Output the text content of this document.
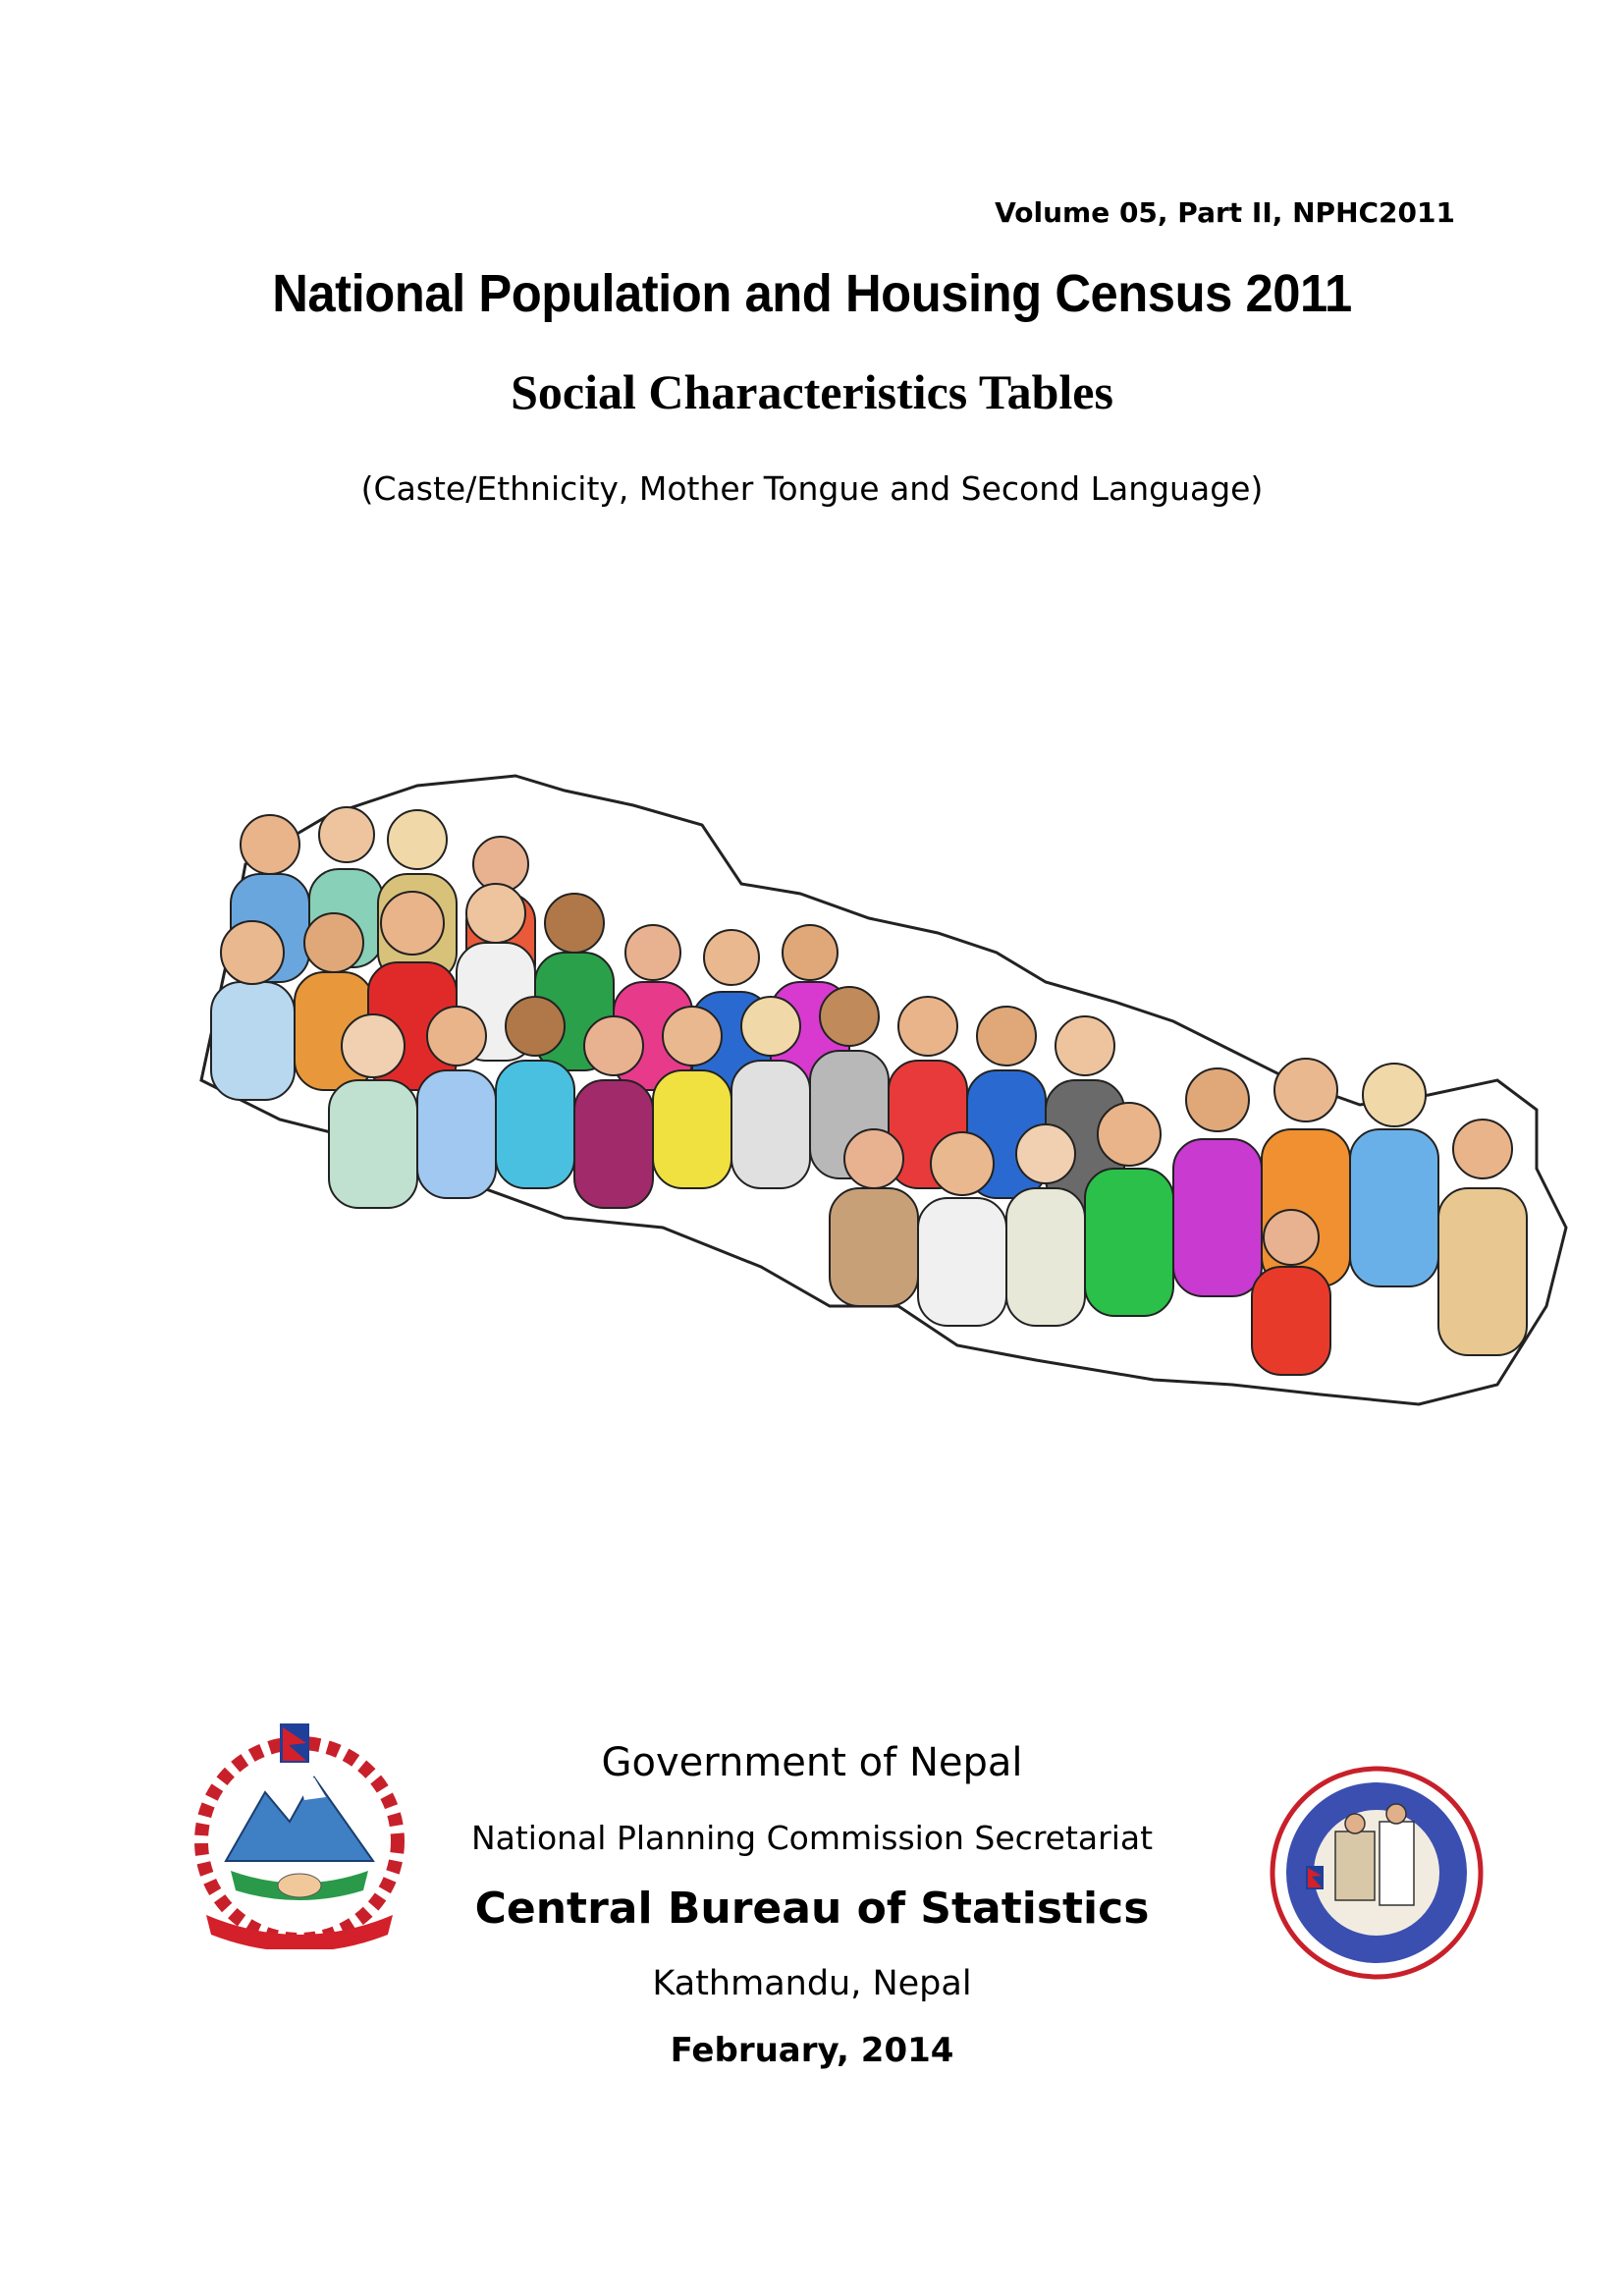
Volume 05, Part II, NPHC2011
National Population and Housing Census 2011
Social Characteristics Tables
(Caste/Ethnicity, Mother Tongue and Second Language)
Government of Nepal
National Planning Commission Secretariat
Central Bureau of Statistics
Kathmandu, Nepal
February, 2014
